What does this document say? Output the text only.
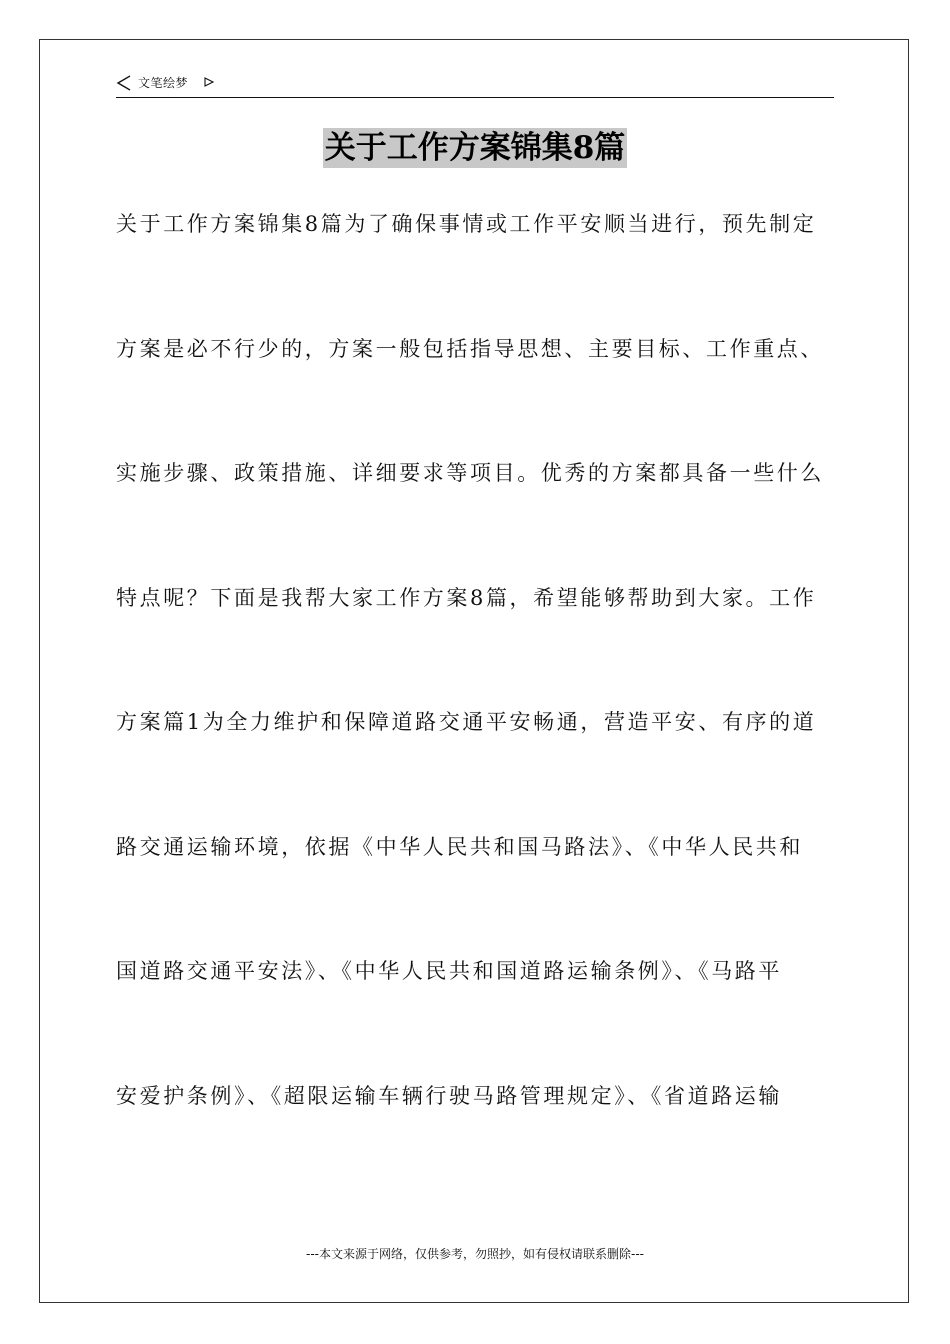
文笔绘梦
关于工作方案锦集8篇
关于工作方案锦集8篇为了确保事情或工作平安顺当进行，预先制定
方案是必不行少的，方案一般包括指导思想、主要目标、工作重点、
实施步骤、政策措施、详细要求等项目。优秀的方案都具备一些什么
特点呢？下面是我帮大家工作方案8篇，希望能够帮助到大家。工作
方案篇1为全力维护和保障道路交通平安畅通，营造平安、有序的道
路交通运输环境，依据《中华人民共和国马路法》、《中华人民共和
国道路交通平安法》、《中华人民共和国道路运输条例》、《马路平
安爱护条例》、《超限运输车辆行驶马路管理规定》、《省道路运输
---本文来源于网络，仅供参考，勿照抄，如有侵权请联系删除---
